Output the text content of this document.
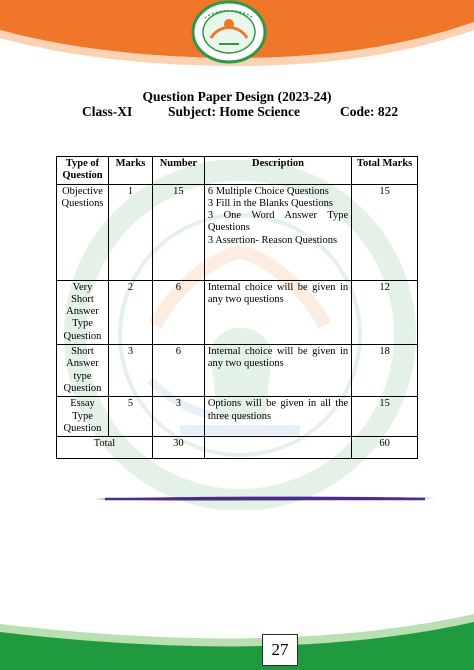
Question Paper Design (2023-24)
Class-XI	Subject: Home Science	Code: 822
Type of Question	Marks	Number	Description	Total Marks
Objective Questions	1	15	6 Multiple Choice Questions
3 Fill in the Blanks Questions
3 One Word Answer Type Questions
3 Assertion- Reason Questions	15
Very Short Answer Type Question	2	6	Internal choice will be given in any two questions	12
Short Answer type Question	3	6	Internal choice will be given in any two questions	18
Essay Type Question	5	3	Options will be given in all the three questions	15
Total		30		60
27
